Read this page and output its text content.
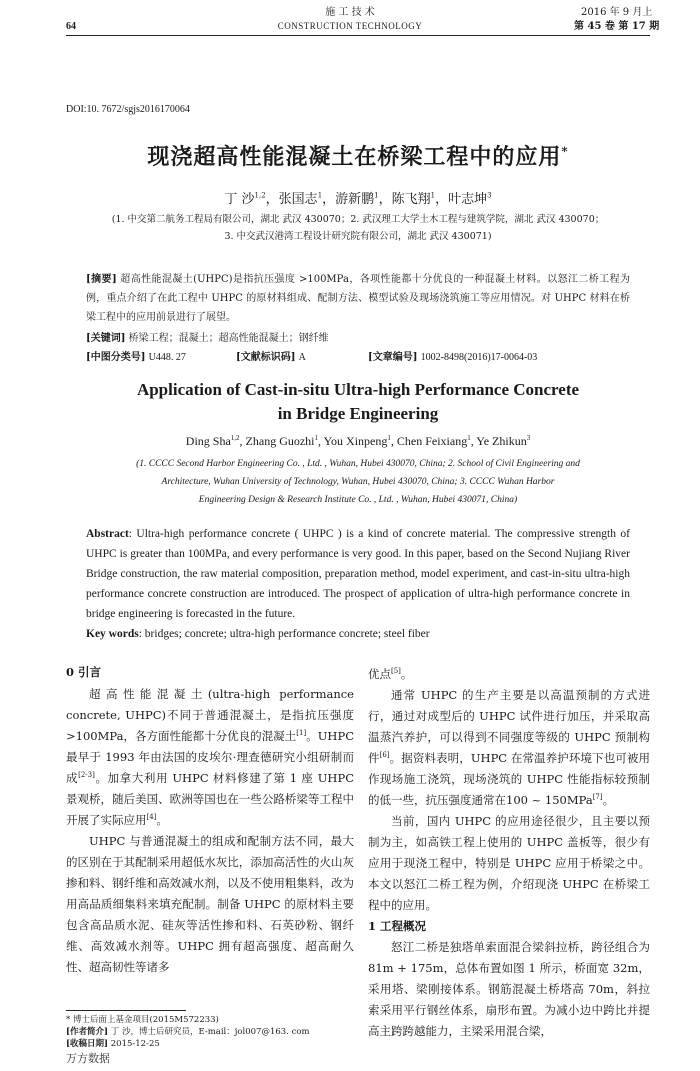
施 工 技 术
CONSTRUCTION TECHNOLOGY
2016 年 9 月上
第 45 卷 第 17 期
64
DOI:10. 7672/sgjs2016170064
现浇超高性能混凝土在桥梁工程中的应用*
丁 沙$^{1,2}$，张国志$^1$，游新鹏$^1$，陈飞翔$^1$，叶志坤$^3$
(1. 中交第二航务工程局有限公司，湖北 武汉 430070；2. 武汉理工大学土木工程与建筑学院，湖北 武汉 430070；
3. 中交武汉港湾工程设计研究院有限公司，湖北 武汉 430071)
[摘要] 超高性能混凝土(UHPC)是指抗压强度 >100MPa，各项性能都十分优良的一种混凝土材料。以怒江二桥工程为例，重点介绍了在此工程中 UHPC 的原材料组成、配制方法、模型试验及现场浇筑施工等应用情况。对 UHPC 材料在桥梁工程中的应用前景进行了展望。
[关键词] 桥梁工程；混凝土；超高性能混凝土；钢纤维
[中图分类号] U448. 27	[文献标识码] A	[文章编号] 1002-8498(2016)17-0064-03
Application of Cast-in-situ Ultra-high Performance Concrete
in Bridge Engineering
Ding Sha$^{1,2}$, Zhang Guozhi$^1$, You Xinpeng$^1$, Chen Feixiang$^1$, Ye Zhikun$^3$
(1. CCCC Second Harbor Engineering Co. , Ltd. , Wuhan, Hubei 430070, China; 2. School of Civil Engineering and
Architecture, Wuhan University of Technology, Wuhan, Hubei 430070, China; 3. CCCC Wuhan Harbor
Engineering Design & Research Institute Co. , Ltd. , Wuhan, Hubei 430071, China)
Abstract: Ultra-high performance concrete ( UHPC ) is a kind of concrete material. The compressive strength of UHPC is greater than 100MPa, and every performance is very good. In this paper, based on the Second Nujiang River Bridge construction, the raw material composition, preparation method, model experiment, and cast-in-situ ultra-high performance concrete construction are introduced. The prospect of application of ultra-high performance concrete in bridge engineering is forecasted in the future.
Key words: bridges; concrete; ultra-high performance concrete; steel fiber
0 引言

超高性能混凝土(ultra-high performance concrete, UHPC)不同于普通混凝土，是指抗压强度 >100MPa，各方面性能都十分优良的混凝土[1]。UHPC 最早于 1993 年由法国的皮埃尔·理查德研究小组研制而成[2-3]。加拿大利用 UHPC 材料修建了第 1 座 UHPC 景观桥，随后美国、欧洲等国也在一些公路桥梁等工程中开展了实际应用[4]。

UHPC 与普通混凝土的组成和配制方法不同，最大的区别在于其配制采用超低水灰比，添加高活性的火山灰掺和料、钢纤维和高效减水剂，以及不使用粗集料，改为用高品质细集料来填充配制。制备 UHPC 的原材料主要包含高品质水泥、硅灰等活性掺和料、石英砂粉、钢纤维、高效减水剂等。UHPC 拥有超高强度、超高耐久性、超高韧性等诸多

* 博士后面上基金项目(2015M572233)
[作者简介] 丁 沙，博士后研究员，E-mail：jol007@163. com
[收稿日期] 2015-12-25

优点[5]。

通常 UHPC 的生产主要是以高温预制的方式进行，通过对成型后的 UHPC 试件进行加压，并采取高温蒸汽养护，可以得到不同强度等级的 UHPC 预制构件[6]。据资料表明，UHPC 在常温养护环境下也可被用作现场施工浇筑，现场浇筑的 UHPC 性能指标较预制的低一些，抗压强度通常在100 ~ 150MPa[7]。

当前，国内 UHPC 的应用途径很少，且主要以预制为主，如高铁工程上使用的 UHPC 盖板等，很少有应用于现浇工程中，特别是 UHPC 应用于桥梁之中。本文以怒江二桥工程为例，介绍现浇 UHPC 在桥梁工程中的应用。

1 工程概况

怒江二桥是独塔单索面混合梁斜拉桥，跨径组合为 81m + 175m，总体布置如图 1 所示，桥面宽 32m，采用塔、梁刚接体系。钢筋混凝土桥塔高 70m，斜拉索采用平行钢丝体系，扇形布置。为减小边中跨比并提高主跨跨越能力，主梁采用混合梁，

万方数据
